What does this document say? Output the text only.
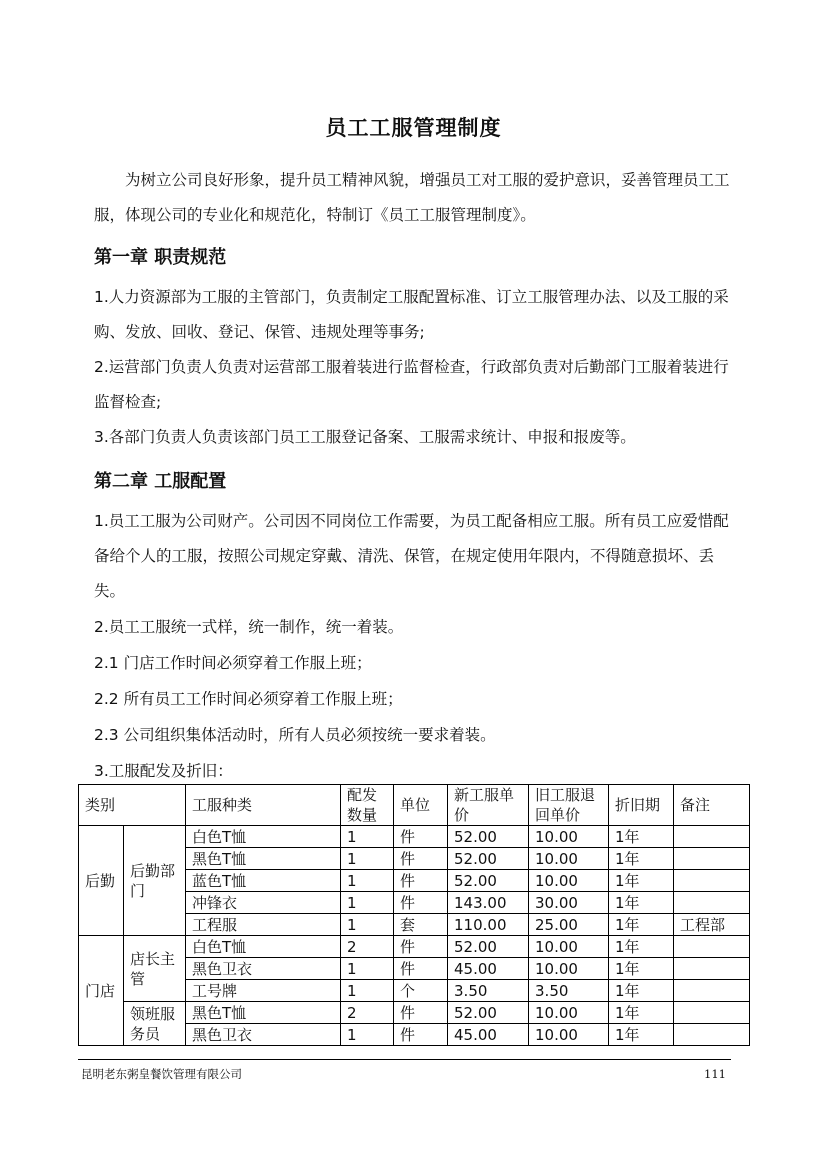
员工工服管理制度
为树立公司良好形象，提升员工精神风貌，增强员工对工服的爱护意识，妥善管理员工工服，体现公司的专业化和规范化，特制订《员工工服管理制度》。
第一章 职责规范
1.人力资源部为工服的主管部门，负责制定工服配置标准、订立工服管理办法、以及工服的采购、发放、回收、登记、保管、违规处理等事务;
2.运营部门负责人负责对运营部工服着装进行监督检查，行政部负责对后勤部门工服着装进行监督检查;
3.各部门负责人负责该部门员工工服登记备案、工服需求统计、申报和报废等。
第二章 工服配置
1.员工工服为公司财产。公司因不同岗位工作需要，为员工配备相应工服。所有员工应爱惜配备给个人的工服，按照公司规定穿戴、清洗、保管，在规定使用年限内，不得随意损坏、丢失。
2.员工工服统一式样，统一制作，统一着装。
2.1 门店工作时间必须穿着工作服上班；
2.2 所有员工工作时间必须穿着工作服上班；
2.3 公司组织集体活动时，所有人员必须按统一要求着装。
3.工服配发及折旧：
类别		工服种类	配发数量	单位	新工服单价	旧工服退回单价	折旧期	备注
后勤	后勤部门	白色T恤	1	件	52.00	10.00	1年	
		黑色T恤	1	件	52.00	10.00	1年	
		蓝色T恤	1	件	52.00	10.00	1年	
		冲锋衣	1	件	143.00	30.00	1年	
		工程服	1	套	110.00	25.00	1年	工程部
门店	店长主管	白色T恤	2	件	52.00	10.00	1年	
		黑色卫衣	1	件	45.00	10.00	1年	
		工号牌	1	个	3.50	3.50	1年	
	领班服务员	黑色T恤	2	件	52.00	10.00	1年	
		黑色卫衣	1	件	45.00	10.00	1年	
昆明老东粥皇餐饮管理有限公司	111
